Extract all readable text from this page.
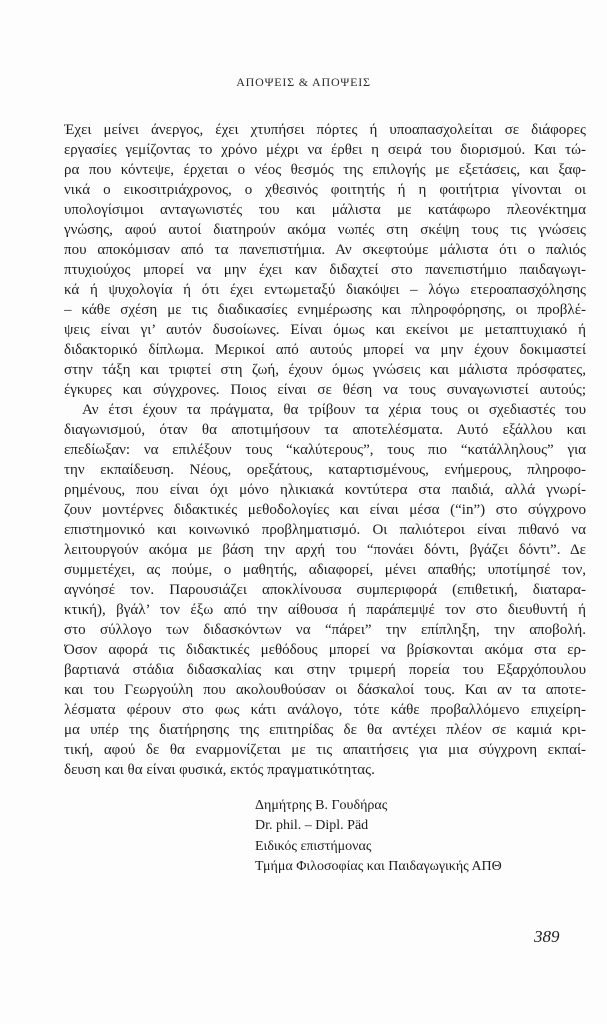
ΑΠΟΨΕΙΣ & ΑΠΟΨΕΙΣ
Έχει μείνει άνεργος, έχει χτυπήσει πόρτες ή υποαπασχολείται σε διάφορες
εργασίες γεμίζοντας το χρόνο μέχρι να έρθει η σειρά του διορισμού. Και τώ-
ρα που κόντεψε, έρχεται ο νέος θεσμός της επιλογής με εξετάσεις, και ξαφ-
νικά ο εικοσιτριάχρονος, ο χθεσινός φοιτητής ή η φοιτήτρια γίνονται οι
υπολογίσιμοι ανταγωνιστές του και μάλιστα με κατάφωρο πλεονέκτημα
γνώσης, αφού αυτοί διατηρούν ακόμα νωπές στη σκέψη τους τις γνώσεις
που αποκόμισαν από τα πανεπιστήμια. Αν σκεφτούμε μάλιστα ότι ο παλιός
πτυχιούχος μπορεί να μην έχει καν διδαχτεί στο πανεπιστήμιο παιδαγωγι-
κά ή ψυχολογία ή ότι έχει εντωμεταξύ διακόψει – λόγω ετεροαπασχόλησης
– κάθε σχέση με τις διαδικασίες ενημέρωσης και πληροφόρησης, οι προβλέ-
ψεις είναι γι’ αυτόν δυσοίωνες. Είναι όμως και εκείνοι με μεταπτυχιακό ή
διδακτορικό δίπλωμα. Μερικοί από αυτούς μπορεί να μην έχουν δοκιμαστεί
στην τάξη και τριφτεί στη ζωή, έχουν όμως γνώσεις και μάλιστα πρόσφατες,
έγκυρες και σύγχρονες. Ποιος είναι σε θέση να τους συναγωνιστεί αυτούς;
Αν έτσι έχουν τα πράγματα, θα τρίβουν τα χέρια τους οι σχεδιαστές του
διαγωνισμού, όταν θα αποτιμήσουν τα αποτελέσματα. Αυτό εξάλλου και
επεδίωξαν: να επιλέξουν τους “καλύτερους”, τους πιο “κατάλληλους” για
την εκπαίδευση. Νέους, ορεξάτους, καταρτισμένους, ενήμερους, πληροφο-
ρημένους, που είναι όχι μόνο ηλικιακά κοντύτερα στα παιδιά, αλλά γνωρί-
ζουν μοντέρνες διδακτικές μεθοδολογίες και είναι μέσα (“in”) στο σύγχρονο
επιστημονικό και κοινωνικό προβληματισμό. Οι παλιότεροι είναι πιθανό να
λειτουργούν ακόμα με βάση την αρχή του “πονάει δόντι, βγάζει δόντι”. Δε
συμμετέχει, ας πούμε, ο μαθητής, αδιαφορεί, μένει απαθής; υποτίμησέ τον,
αγνόησέ τον. Παρουσιάζει αποκλίνουσα συμπεριφορά (επιθετική, διαταρα-
κτική), βγάλ’ τον έξω από την αίθουσα ή παράπεμψέ τον στο διευθυντή ή
στο σύλλογο των διδασκόντων να “πάρει” την επίπληξη, την αποβολή.
Όσον αφορά τις διδακτικές μεθόδους μπορεί να βρίσκονται ακόμα στα ερ-
βαρτιανά στάδια διδασκαλίας και στην τριμερή πορεία του Εξαρχόπουλου
και του Γεωργούλη που ακολουθούσαν οι δάσκαλοί τους. Και αν τα αποτε-
λέσματα φέρουν στο φως κάτι ανάλογο, τότε κάθε προβαλλόμενο επιχείρη-
μα υπέρ της διατήρησης της επιτηρίδας δε θα αντέχει πλέον σε καμιά κρι-
τική, αφού δε θα εναρμονίζεται με τις απαιτήσεις για μια σύγχρονη εκπαί-
δευση και θα είναι φυσικά, εκτός πραγματικότητας.
Δημήτρης Β. Γουδήρας
Dr. phil. – Dipl. Päd
Ειδικός επιστήμονας
Τμήμα Φιλοσοφίας και Παιδαγωγικής ΑΠΘ
389
